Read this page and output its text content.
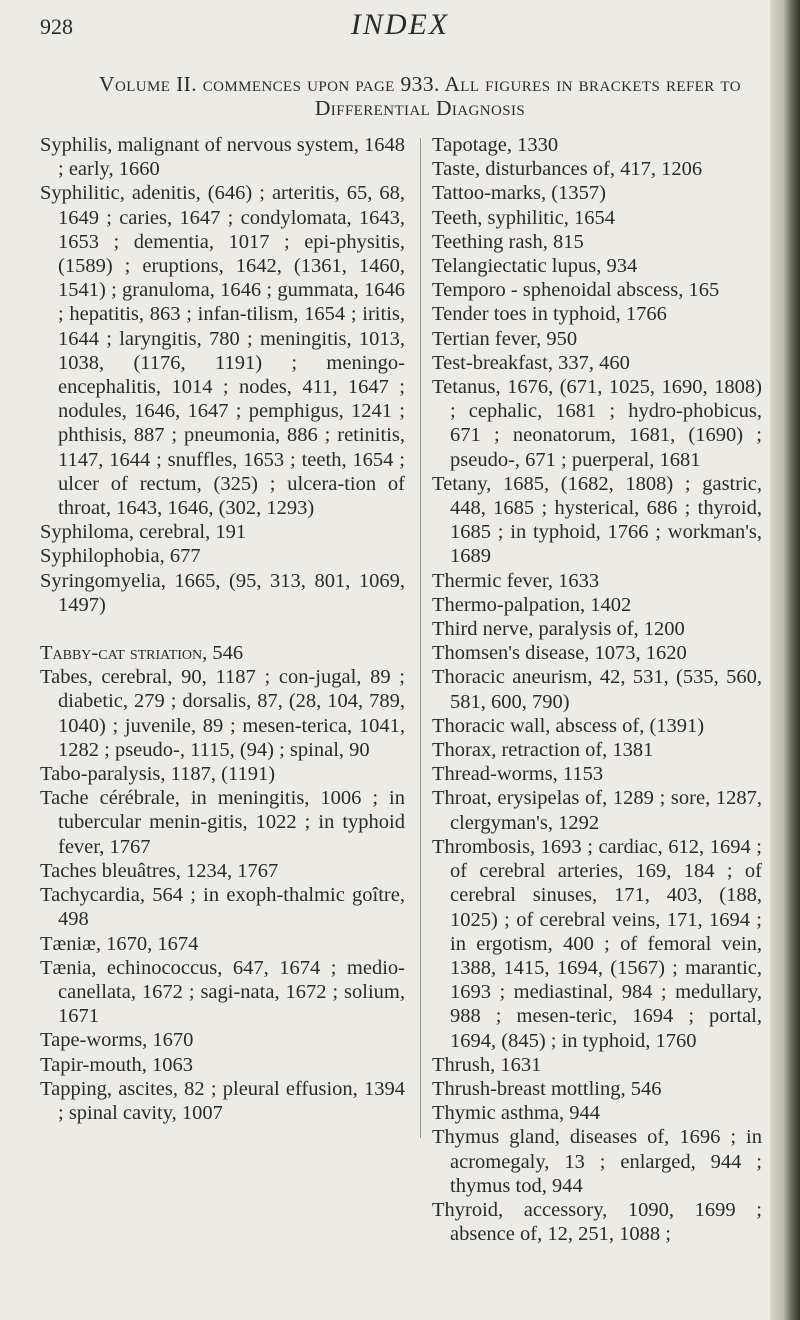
928	INDEX
Volume II. commences upon page 933. All figures in brackets refer to Differential Diagnosis
Syphilis, malignant of nervous system, 1648 ; early, 1660
Syphilitic, adenitis, (646) ; arteritis, 65, 68, 1649 ; caries, 1647 ; condylomata, 1643, 1653 ; dementia, 1017 ; epi-physitis, (1589) ; eruptions, 1642, (1361, 1460, 1541) ; granuloma, 1646 ; gummata, 1646 ; hepatitis, 863 ; infan-tilism, 1654 ; iritis, 1644 ; laryngitis, 780 ; meningitis, 1013, 1038, (1176, 1191) ; meningo-encephalitis, 1014 ; nodes, 411, 1647 ; nodules, 1646, 1647 ; pemphigus, 1241 ; phthisis, 887 ; pneumonia, 886 ; retinitis, 1147, 1644 ; snuffles, 1653 ; teeth, 1654 ; ulcer of rectum, (325) ; ulcera-tion of throat, 1643, 1646, (302, 1293)
Syphiloma, cerebral, 191
Syphilophobia, 677
Syringomyelia, 1665, (95, 313, 801, 1069, 1497)
Tabby-cat striation, 546
Tabes, cerebral, 90, 1187 ; con-jugal, 89 ; diabetic, 279 ; dorsalis, 87, (28, 104, 789, 1040) ; juvenile, 89 ; mesen-terica, 1041, 1282 ; pseudo-, 1115, (94) ; spinal, 90
Tabo-paralysis, 1187, (1191)
Tache cérébrale, in meningitis, 1006 ; in tubercular menin-gitis, 1022 ; in typhoid fever, 1767
Taches bleuâtres, 1234, 1767
Tachycardia, 564 ; in exoph-thalmic goître, 498
Tæniæ, 1670, 1674
Tænia, echinococcus, 647, 1674 ; medio-canellata, 1672 ; sagi-nata, 1672 ; solium, 1671
Tape-worms, 1670
Tapir-mouth, 1063
Tapping, ascites, 82 ; pleural effusion, 1394 ; spinal cavity, 1007
Tapotage, 1330
Taste, disturbances of, 417, 1206
Tattoo-marks, (1357)
Teeth, syphilitic, 1654
Teething rash, 815
Telangiectatic lupus, 934
Temporo - sphenoidal abscess, 165
Tender toes in typhoid, 1766
Tertian fever, 950
Test-breakfast, 337, 460
Tetanus, 1676, (671, 1025, 1690, 1808) ; cephalic, 1681 ; hydro-phobicus, 671 ; neonatorum, 1681, (1690) ; pseudo-, 671 ; puerperal, 1681
Tetany, 1685, (1682, 1808) ; gastric, 448, 1685 ; hysterical, 686 ; thyroid, 1685 ; in typhoid, 1766 ; workman's, 1689
Thermic fever, 1633
Thermo-palpation, 1402
Third nerve, paralysis of, 1200
Thomsen's disease, 1073, 1620
Thoracic aneurism, 42, 531, (535, 560, 581, 600, 790)
Thoracic wall, abscess of, (1391)
Thorax, retraction of, 1381
Thread-worms, 1153
Throat, erysipelas of, 1289 ; sore, 1287, clergyman's, 1292
Thrombosis, 1693 ; cardiac, 612, 1694 ; of cerebral arteries, 169, 184 ; of cerebral sinuses, 171, 403, (188, 1025) ; of cerebral veins, 171, 1694 ; in ergotism, 400 ; of femoral vein, 1388, 1415, 1694, (1567) ; marantic, 1693 ; mediastinal, 984 ; medullary, 988 ; mesen-teric, 1694 ; portal, 1694, (845) ; in typhoid, 1760
Thrush, 1631
Thrush-breast mottling, 546
Thymic asthma, 944
Thymus gland, diseases of, 1696 ; in acromegaly, 13 ; enlarged, 944 ; thymus tod, 944
Thyroid, accessory, 1090, 1699 ; absence of, 12, 251, 1088 ;
